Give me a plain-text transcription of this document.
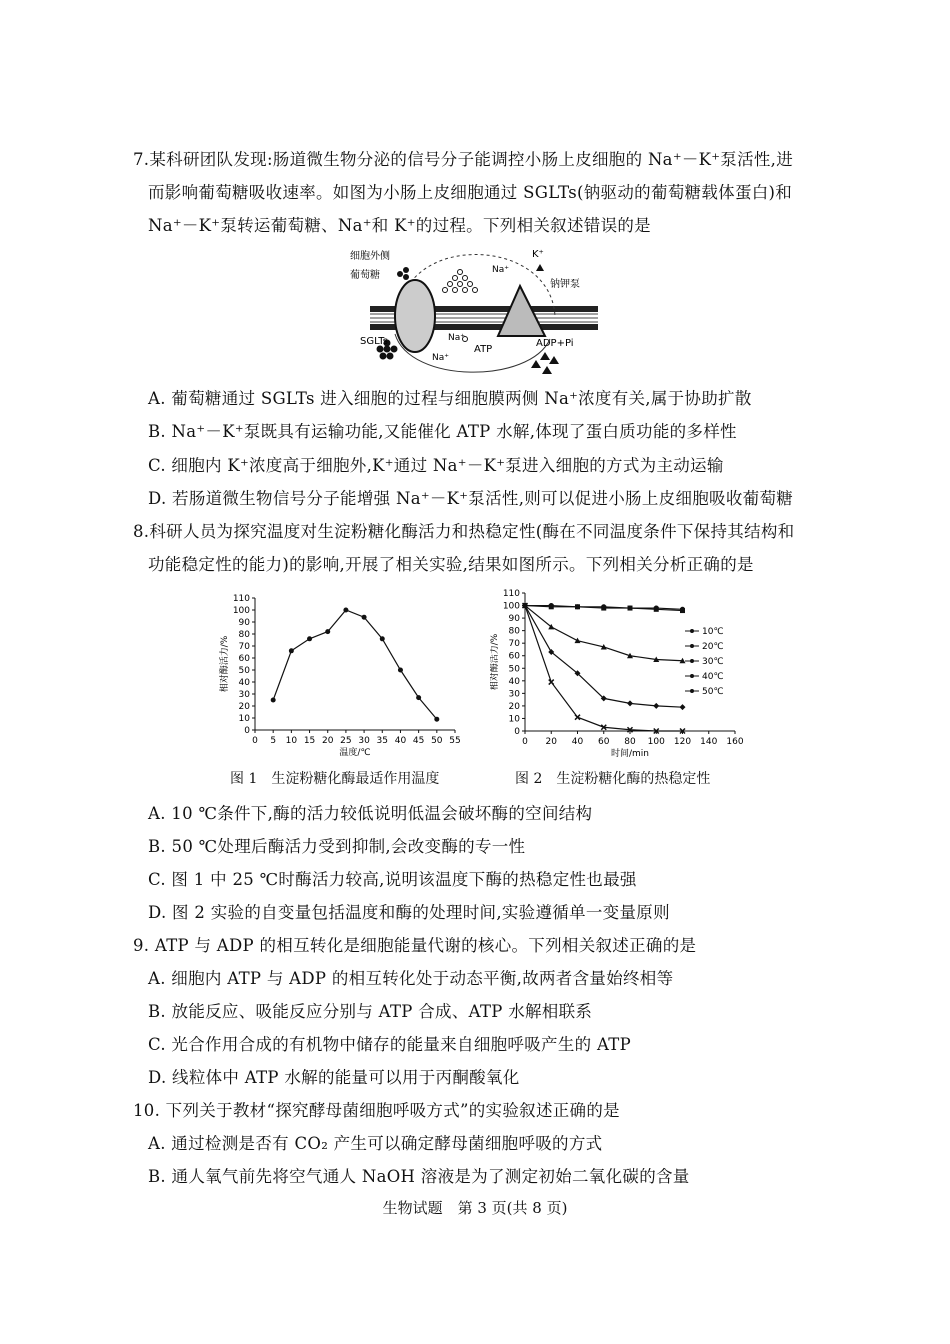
7.某科研团队发现:肠道微生物分泌的信号分子能调控小肠上皮细胞的 Na⁺－K⁺泵活性,进
而影响葡萄糖吸收速率。如图为小肠上皮细胞通过 SGLTs(钠驱动的葡萄糖载体蛋白)和
Na⁺－K⁺泵转运葡萄糖、Na⁺和 K⁺的过程。下列相关叙述错误的是
细胞外侧
葡萄糖
SGLTs
Na⁺
Na⁺
Na⁺
K⁺
钠钾泵
ATP
ADP+Pi
A. 葡萄糖通过 SGLTs 进入细胞的过程与细胞膜两侧 Na⁺浓度有关,属于协助扩散
B. Na⁺－K⁺泵既具有运输功能,又能催化 ATP 水解,体现了蛋白质功能的多样性
C. 细胞内 K⁺浓度高于细胞外,K⁺通过 Na⁺－K⁺泵进入细胞的方式为主动运输
D. 若肠道微生物信号分子能增强 Na⁺－K⁺泵活性,则可以促进小肠上皮细胞吸收葡萄糖
8.科研人员为探究温度对生淀粉糖化酶活力和热稳定性(酶在不同温度条件下保持其结构和
功能稳定性的能力)的影响,开展了相关实验,结果如图所示。下列相关分析正确的是
0
10
20
30
40
50
60
70
80
90
100
110
0 5 10 15 20 25 30 35 40 45 50 55
温度/℃
相对酶活力/%
0
10
20
30
40
50
60
70
80
90
100
110
0 20 40 60 80 100 120 140 160
时间/min
相对酶活力/%
10℃
20℃
30℃
40℃
50℃
图 1　生淀粉糖化酶最适作用温度	图 2　生淀粉糖化酶的热稳定性
A. 10 ℃条件下,酶的活力较低说明低温会破坏酶的空间结构
B. 50 ℃处理后酶活力受到抑制,会改变酶的专一性
C. 图 1 中 25 ℃时酶活力较高,说明该温度下酶的热稳定性也最强
D. 图 2 实验的自变量包括温度和酶的处理时间,实验遵循单一变量原则
9. ATP 与 ADP 的相互转化是细胞能量代谢的核心。下列相关叙述正确的是
A. 细胞内 ATP 与 ADP 的相互转化处于动态平衡,故两者含量始终相等
B. 放能反应、吸能反应分别与 ATP 合成、ATP 水解相联系
C. 光合作用合成的有机物中储存的能量来自细胞呼吸产生的 ATP
D. 线粒体中 ATP 水解的能量可以用于丙酮酸氧化
10. 下列关于教材“探究酵母菌细胞呼吸方式”的实验叙述正确的是
A. 通过检测是否有 CO₂ 产生可以确定酵母菌细胞呼吸的方式
B. 通人氧气前先将空气通人 NaOH 溶液是为了测定初始二氧化碳的含量
生物试题　第 3 页(共 8 页)
